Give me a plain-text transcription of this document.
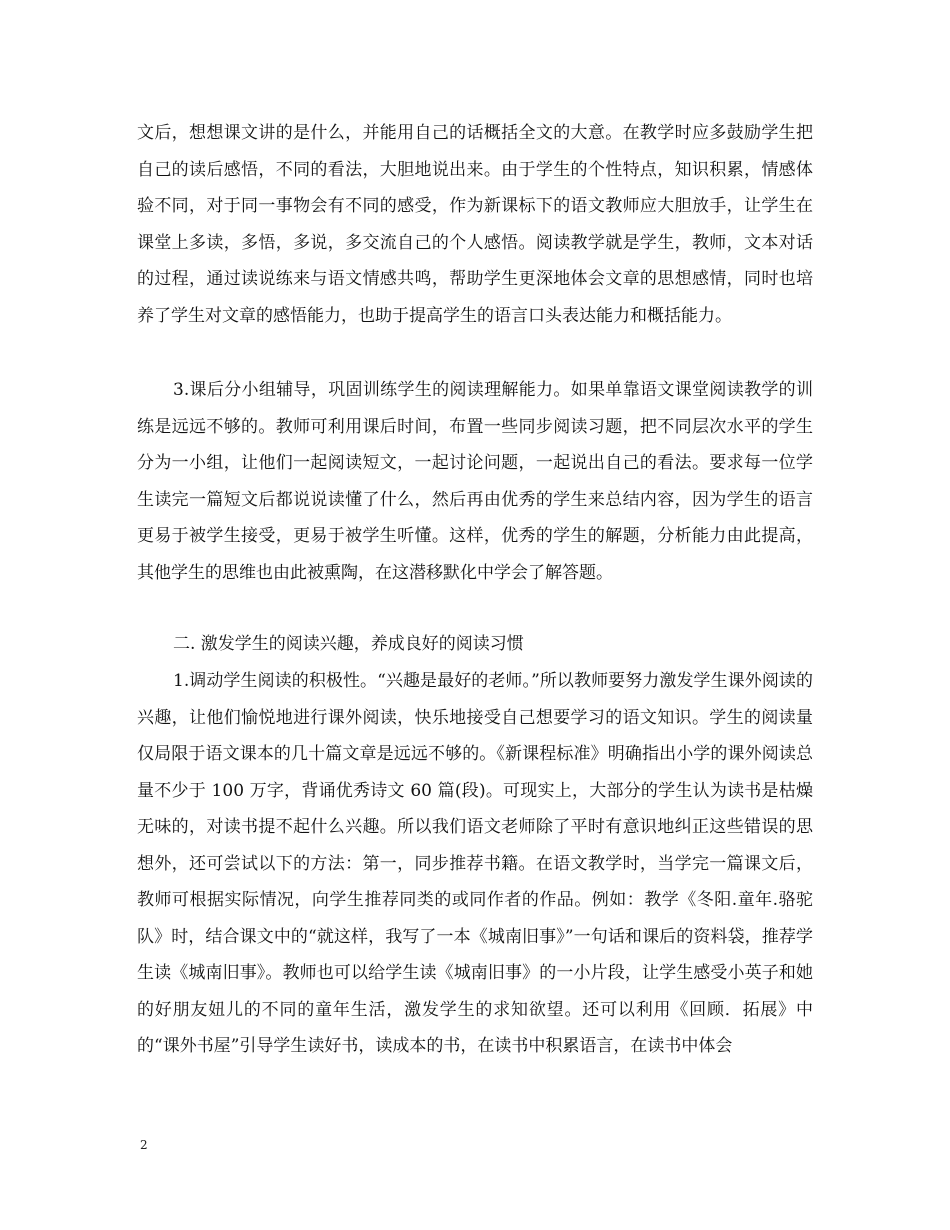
文后，想想课文讲的是什么，并能用自己的话概括全文的大意。在教学时应多鼓励学生把自己的读后感悟，不同的看法，大胆地说出来。由于学生的个性特点，知识积累，情感体验不同，对于同一事物会有不同的感受，作为新课标下的语文教师应大胆放手，让学生在课堂上多读，多悟，多说，多交流自己的个人感悟。阅读教学就是学生，教师，文本对话的过程，通过读说练来与语文情感共鸣，帮助学生更深地体会文章的思想感情，同时也培养了学生对文章的感悟能力，也助于提高学生的语言口头表达能力和概括能力。

3.课后分小组辅导，巩固训练学生的阅读理解能力。如果单靠语文课堂阅读教学的训练是远远不够的。教师可利用课后时间，布置一些同步阅读习题，把不同层次水平的学生分为一小组，让他们一起阅读短文，一起讨论问题，一起说出自己的看法。要求每一位学生读完一篇短文后都说说读懂了什么，然后再由优秀的学生来总结内容，因为学生的语言更易于被学生接受，更易于被学生听懂。这样，优秀的学生的解题，分析能力由此提高，其他学生的思维也由此被熏陶，在这潜移默化中学会了解答题。

二. 激发学生的阅读兴趣，养成良好的阅读习惯

1.调动学生阅读的积极性。“兴趣是最好的老师。”所以教师要努力激发学生课外阅读的兴趣，让他们愉悦地进行课外阅读，快乐地接受自己想要学习的语文知识。学生的阅读量仅局限于语文课本的几十篇文章是远远不够的。《新课程标准》明确指出小学的课外阅读总量不少于 100 万字，背诵优秀诗文 60 篇(段)。可现实上，大部分的学生认为读书是枯燥无味的，对读书提不起什么兴趣。所以我们语文老师除了平时有意识地纠正这些错误的思想外，还可尝试以下的方法：第一，同步推荐书籍。在语文教学时，当学完一篇课文后，教师可根据实际情况，向学生推荐同类的或同作者的作品。例如：教学《冬阳.童年.骆驼队》时，结合课文中的“就这样，我写了一本《城南旧事》”一句话和课后的资料袋，推荐学生读《城南旧事》。教师也可以给学生读《城南旧事》的一小片段，让学生感受小英子和她的好朋友妞儿的不同的童年生活，激发学生的求知欲望。还可以利用《回顾．拓展》中的“课外书屋”引导学生读好书，读成本的书，在读书中积累语言，在读书中体会

2
